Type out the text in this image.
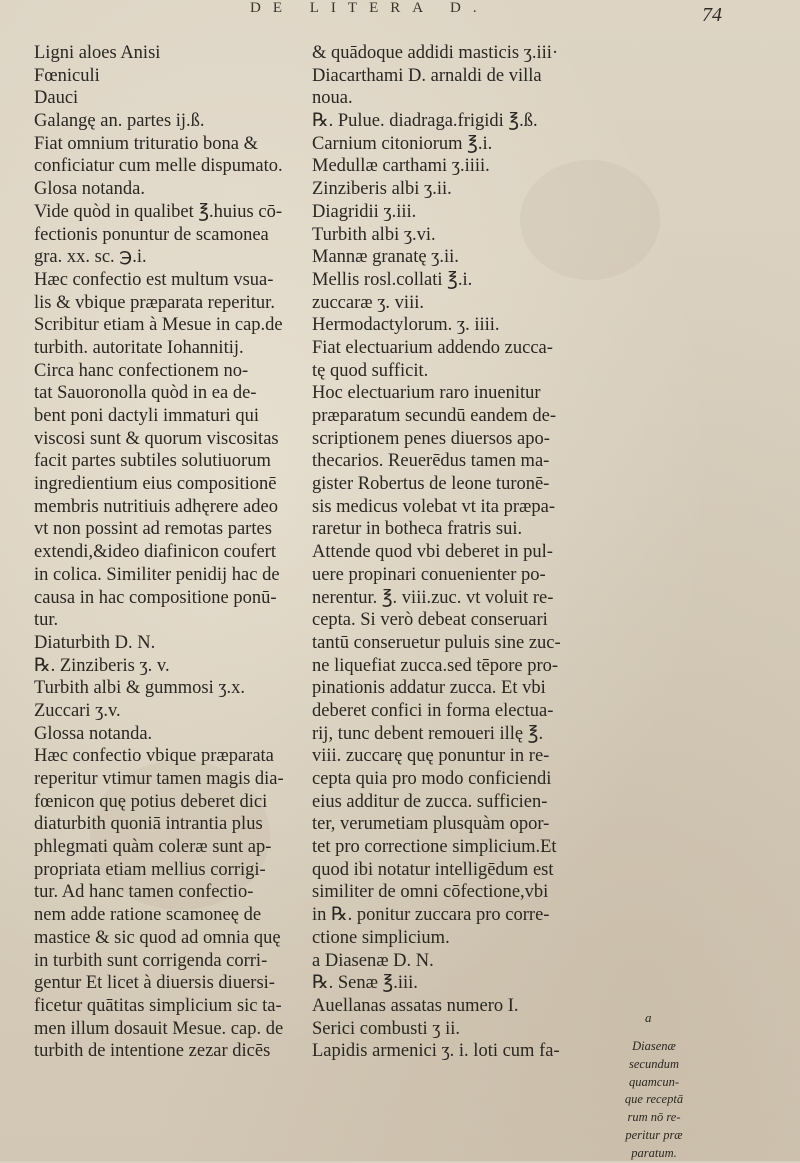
DE LITERA D.	74
Ligni aloes Anisi
Fœniculi
Dauci
Galangę an. partes ij.ß.
Fiat omnium trituratio bona &
conficiatur cum melle dispumato.
Glosa notanda.
Vide quòd in qualibet ℥.huius cō-
fectionis ponuntur de scamonea
gra. xx. sc. ℈.i.
Hæc confectio est multum vsua-
lis & vbique præparata reperitur.
Scribitur etiam à Mesue in cap.de
turbith. autoritate Iohannitij.
Circa hanc confectionem no-
tat Sauoronolla quòd in ea de-
bent poni dactyli immaturi qui
viscosi sunt & quorum viscositas
facit partes subtiles solutiuorum
ingredientium eius compositionē
membris nutritiuis adhęrere adeo
vt non possint ad remotas partes
extendi,&ideo diafinicon coufert
in colica. Similiter penidij hac de
causa in hac compositione ponū-
tur.
Diaturbith D. N.
℞. Zinziberis ʒ. v.
Turbith albi & gummosi ʒ.x.
Zuccari ʒ.v.
Glossa notanda.
Hæc confectio vbique præparata
reperitur vtimur tamen magis dia-
fœnicon quę potius deberet dici
diaturbith quoniā intrantia plus
phlegmati quàm coleræ sunt ap-
propriata etiam mellius corrigi-
tur. Ad hanc tamen confectio-
nem adde ratione scamoneę de
mastice & sic quod ad omnia quę
in turbith sunt corrigenda corri-
gentur Et licet à diuersis diuersi-
ficetur quātitas simplicium sic ta-
men illum dosauit Mesue. cap. de
turbith de intentione zezar dicēs
& quādoque addidi masticis ʒ.iii·
Diacarthami D. arnaldi de villa
noua.
℞. Pulue. diadraga.frigidi ℥.ß.
Carnium citoniorum ℥.i.
Medullæ carthami ʒ.iiii.
Zinziberis albi ʒ.ii.
Diagridii ʒ.iii.
Turbith albi ʒ.vi.
Mannæ granatę ʒ.ii.
Mellis rosl.collati ℥.i.
zuccaræ ʒ. viii.
Hermodactylorum. ʒ. iiii.
Fiat electuarium addendo zucca-
tę quod sufficit.
Hoc electuarium raro inuenitur
præparatum secundū eandem de-
scriptionem penes diuersos apo-
thecarios. Reuerēdus tamen ma-
gister Robertus de leone turonē-
sis medicus volebat vt ita præpa-
raretur in botheca fratris sui.
Attende quod vbi deberet in pul-
uere propinari conuenienter po-
nerentur. ℥. viii.zuc. vt voluit re-
cepta. Si verò debeat conseruari
tantū conseruetur puluis sine zuc-
ne liquefiat zucca.sed tēpore pro-
pinationis addatur zucca. Et vbi
deberet confici in forma electua-
rij, tunc debent remoueri illę ℥.
viii. zuccarę quę ponuntur in re-
cepta quia pro modo conficiendi
eius additur de zucca. sufficien-
ter, verumetiam plusquàm opor-
tet pro correctione simplicium.Et
quod ibi notatur intelligēdum est
similiter de omni cōfectione,vbi
in ℞. ponitur zuccara pro corre-
ctione simplicium.
a Diasenæ D. N.
℞. Senæ ℥.iii.
Auellanas assatas numero I.
Serici combusti ʒ ii.
Lapidis armenici ʒ. i. loti cum fa-
a
Diasenæ
secundum
quamcun-
que receptā
rum nō re-
peritur præ
paratum.
